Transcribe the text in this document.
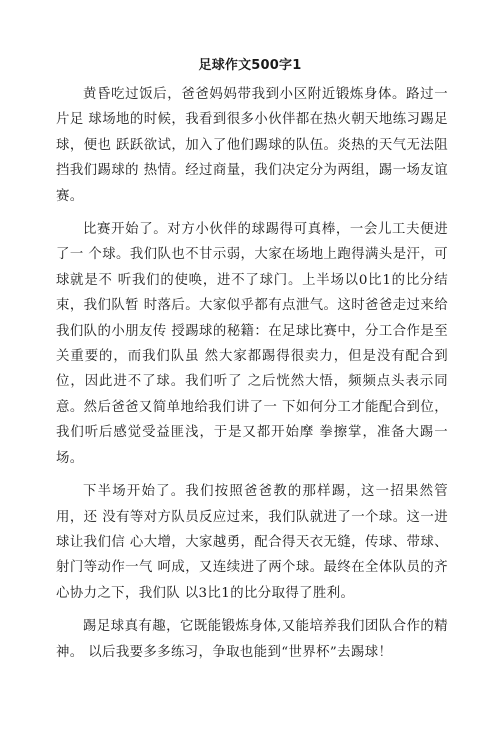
足球作文500字1

黄昏吃过饭后，爸爸妈妈带我到小区附近锻炼身体。路过一片足 球场地的时候，我看到很多小伙伴都在热火朝天地练习踢足球，便也 跃跃欲试，加入了他们踢球的队伍。炎热的天气无法阻挡我们踢球的 热情。经过商量，我们决定分为两组，踢一场友谊赛。

比赛开始了。对方小伙伴的球踢得可真棒，一会儿工夫便进了一 个球。我们队也不甘示弱，大家在场地上跑得满头是汗，可球就是不 听我们的使唤，进不了球门。上半场以0比1的比分结束，我们队暂 时落后。大家似乎都有点泄气。这时爸爸走过来给我们队的小朋友传 授踢球的秘籍：在足球比赛中，分工合作是至关重要的，而我们队虽 然大家都踢得很卖力，但是没有配合到位，因此进不了球。我们听了 之后恍然大悟，频频点头表示同意。然后爸爸又简单地给我们讲了一 下如何分工才能配合到位，我们听后感觉受益匪浅，于是又都开始摩 拳擦掌，准备大踢一场。

下半场开始了。我们按照爸爸教的那样踢，这一招果然管用，还 没有等对方队员反应过来，我们队就进了一个球。这一进球让我们信 心大增，大家越勇，配合得天衣无缝，传球、带球、射门等动作一气 呵成，又连续进了两个球。最终在全体队员的齐心协力之下，我们队 以3比1的比分取得了胜利。

踢足球真有趣，它既能锻炼身体,又能培养我们团队合作的精神。 以后我要多多练习，争取也能到“世界杯”去踢球！
